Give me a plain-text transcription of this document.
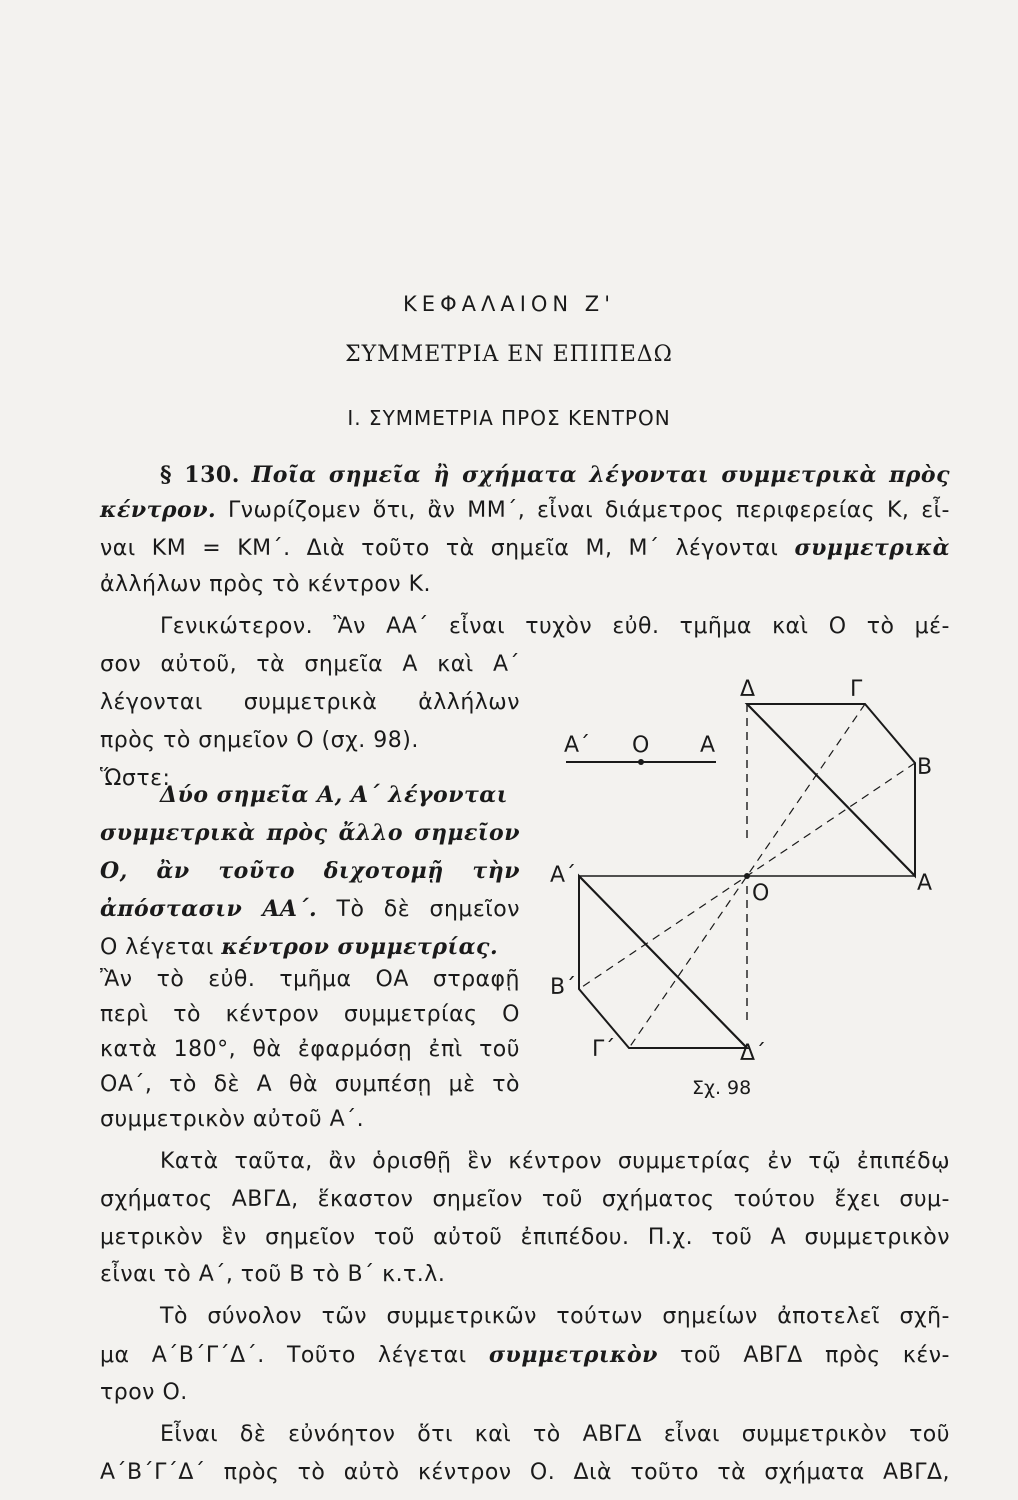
ΚΕΦΑΛΑΙΟΝ Ζ'
ΣΥΜΜΕΤΡΙΑ ΕΝ ΕΠΙΠΕΔΩ
Ι. ΣΥΜΜΕΤΡΙΑ ΠΡΟΣ ΚΕΝΤΡΟΝ
§ 130. Ποῖα σημεῖα ἢ σχήματα λέγονται συμμετρικὰ πρὸς
κέντρον. Γνωρίζομεν ὅτι, ἂν ΜΜ΄, εἶναι διάμετρος περιφερείας Κ, εἶ-
ναι ΚΜ = ΚΜ΄. Διὰ τοῦτο τὰ σημεῖα Μ, Μ΄ λέγονται συμμετρικὰ
ἀλλήλων πρὸς τὸ κέντρον Κ.
Γενικώτερον. Ἂν ΑΑ΄ εἶναι τυχὸν εὐθ. τμῆμα καὶ Ο τὸ μέ-
σον αὐτοῦ, τὰ σημεῖα Α καὶ Α΄
λέγονται συμμετρικὰ ἀλλήλων
πρὸς τὸ σημεῖον Ο (σχ. 98).
Ὥστε:
Δύο σημεῖα Α, Α΄ λέγονται
συμμετρικὰ πρὸς ἄλλο σημεῖον
Ο, ἂν τοῦτο διχοτομῇ τὴν
ἀπόστασιν ΑΑ΄. Τὸ δὲ σημεῖον
Ο λέγεται κέντρον συμμετρίας.
Ἂν τὸ εὐθ. τμῆμα ΟΑ στραφῇ
περὶ τὸ κέντρον συμμετρίας Ο
κατὰ 180°, θὰ ἐφαρμόσῃ ἐπὶ τοῦ
ΟΑ΄, τὸ δὲ Α θὰ συμπέσῃ μὲ τὸ
συμμετρικὸν αὐτοῦ Α΄.
Κατὰ ταῦτα, ἂν ὁρισθῇ ἓν κέντρον συμμετρίας ἐν τῷ ἐπιπέδῳ
σχήματος ΑΒΓΔ, ἕκαστον σημεῖον τοῦ σχήματος τούτου ἔχει συμ-
μετρικὸν ἓν σημεῖον τοῦ αὐτοῦ ἐπιπέδου. Π.χ. τοῦ Α συμμετρικὸν
εἶναι τὸ Α΄, τοῦ Β τὸ Β΄ κ.τ.λ.
Τὸ σύνολον τῶν συμμετρικῶν τούτων σημείων ἀποτελεῖ σχῆ-
μα Α΄Β΄Γ΄Δ΄. Τοῦτο λέγεται συμμετρικὸν τοῦ ΑΒΓΔ πρὸς κέν-
τρον Ο.
Εἶναι δὲ εὐνόητον ὅτι καὶ τὸ ΑΒΓΔ εἶναι συμμετρικὸν τοῦ
Α΄Β΄Γ΄Δ΄ πρὸς τὸ αὐτὸ κέντρον Ο. Διὰ τοῦτο τὰ σχήματα ΑΒΓΔ,
Α΄ Ο Α
Δ	Γ
Β
Α
Ο
Α΄
Β΄
Γ΄	Δ΄
Σχ. 98
